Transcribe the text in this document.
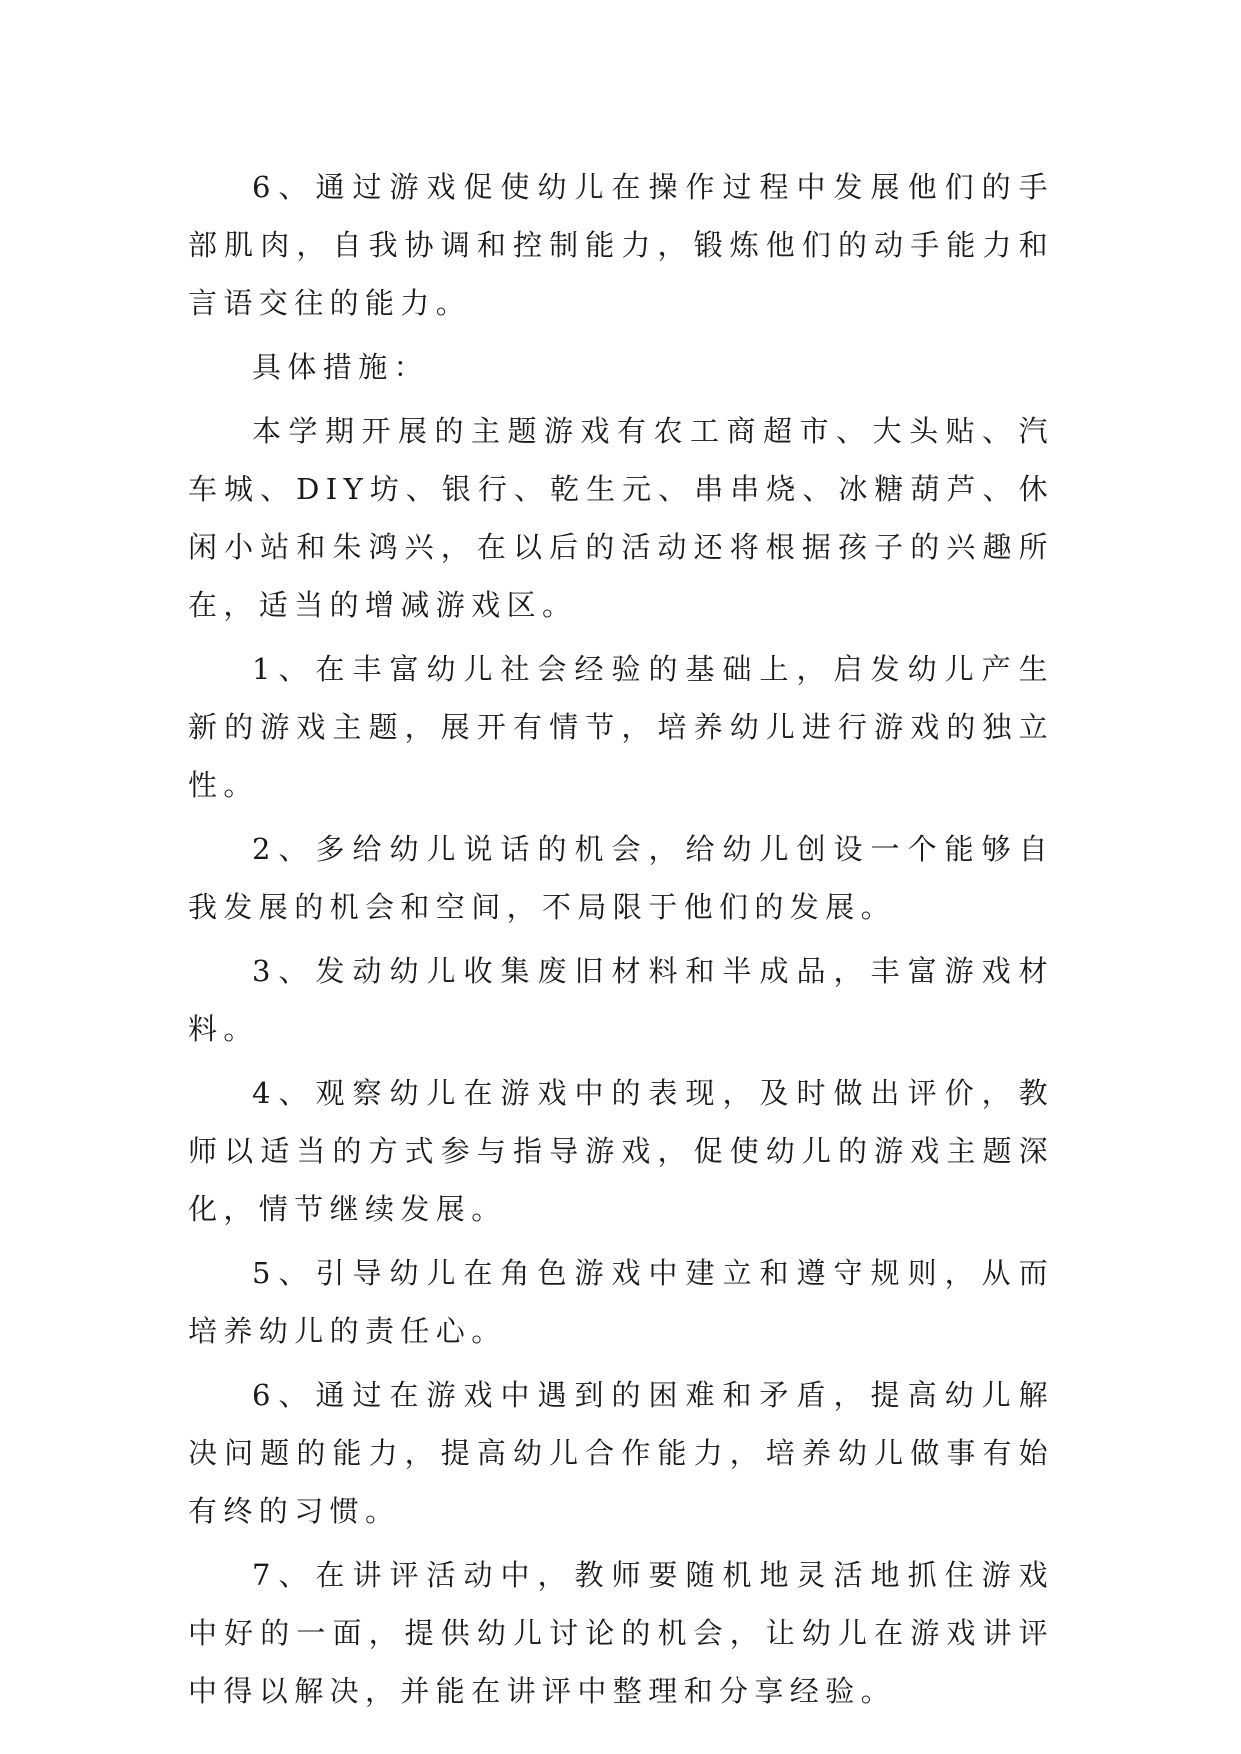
6、通过游戏促使幼儿在操作过程中发展他们的手部肌肉，自我协调和控制能力，锻炼他们的动手能力和言语交往的能力。

具体措施：

本学期开展的主题游戏有农工商超市、大头贴、汽车城、DIY坊、银行、乾生元、串串烧、冰糖葫芦、休闲小站和朱鸿兴，在以后的活动还将根据孩子的兴趣所在，适当的增减游戏区。

1、在丰富幼儿社会经验的基础上，启发幼儿产生新的游戏主题，展开有情节，培养幼儿进行游戏的独立性。

2、多给幼儿说话的机会，给幼儿创设一个能够自我发展的机会和空间，不局限于他们的发展。

3、发动幼儿收集废旧材料和半成品，丰富游戏材料。

4、观察幼儿在游戏中的表现，及时做出评价，教师以适当的方式参与指导游戏，促使幼儿的游戏主题深化，情节继续发展。

5、引导幼儿在角色游戏中建立和遵守规则，从而培养幼儿的责任心。

6、通过在游戏中遇到的困难和矛盾，提高幼儿解决问题的能力，提高幼儿合作能力，培养幼儿做事有始有终的习惯。

7、在讲评活动中，教师要随机地灵活地抓住游戏中好的一面，提供幼儿讨论的机会，让幼儿在游戏讲评中得以解决，并能在讲评中整理和分享经验。
